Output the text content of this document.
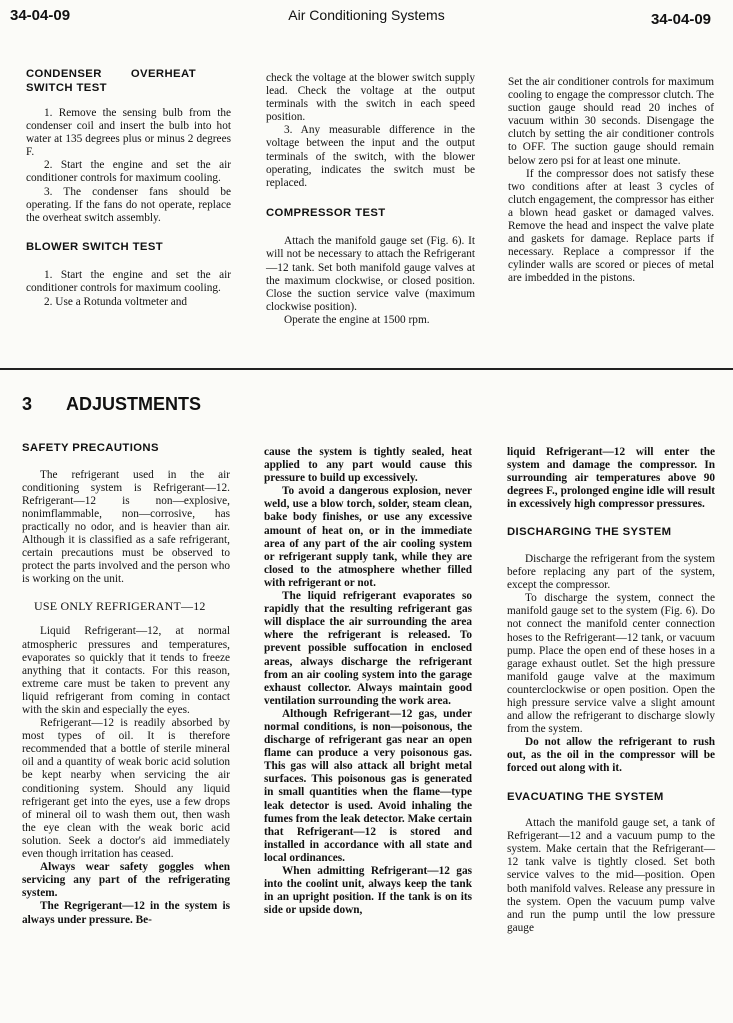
34-04-09	Air Conditioning Systems	34-04-09

CONDENSER OVERHEAT SWITCH TEST

1. Remove the sensing bulb from the condenser coil and insert the bulb into hot water at 135 degrees plus or minus 2 degrees F.

2. Start the engine and set the air conditioner controls for maximum cooling.

3. The condenser fans should be operating. If the fans do not operate, replace the overheat switch assembly.

BLOWER SWITCH TEST

1. Start the engine and set the air conditioner controls for maximum cooling.

2. Use a Rotunda voltmeter and

check the voltage at the blower switch supply lead. Check the voltage at the output terminals with the switch in each speed position.

3. Any measurable difference in the voltage between the input and the output terminals of the switch, with the blower operating, indicates the switch must be replaced.

COMPRESSOR TEST

Attach the manifold gauge set (Fig. 6). It will not be necessary to attach the Refrigerant—12 tank. Set both manifold gauge valves at the maximum clockwise, or closed position. Close the suction service valve (maximum clockwise position).

Operate the engine at 1500 rpm.

Set the air conditioner controls for maximum cooling to engage the compressor clutch. The suction gauge should read 20 inches of vacuum within 30 seconds. Disengage the clutch by setting the air conditioner controls to OFF. The suction gauge should remain below zero psi for at least one minute.

If the compressor does not satisfy these two conditions after at least 3 cycles of clutch engagement, the compressor has either a blown head gasket or damaged valves. Remove the head and inspect the valve plate and gaskets for damage. Replace parts if necessary. Replace a compressor if the cylinder walls are scored or pieces of metal are imbedded in the pistons.

3 ADJUSTMENTS

SAFETY PRECAUTIONS

The refrigerant used in the air conditioning system is Refrigerant—12. Refrigerant—12 is non—explosive, nonimflammable, non—corrosive, has practically no odor, and is heavier than air. Although it is classified as a safe refrigerant, certain precautions must be observed to protect the parts involved and the person who is working on the unit.

USE ONLY REFRIGERANT—12

Liquid Refrigerant—12, at normal atmospheric pressures and temperatures, evaporates so quickly that it tends to freeze anything that it contacts. For this reason, extreme care must be taken to prevent any liquid refrigerant from coming in contact with the skin and especially the eyes.

Refrigerant—12 is readily absorbed by most types of oil. It is therefore recommended that a bottle of sterile mineral oil and a quantity of weak boric acid solution be kept nearby when servicing the air conditioning system. Should any liquid refrigerant get into the eyes, use a few drops of mineral oil to wash them out, then wash the eye clean with the weak boric acid solution. Seek a doctor's aid immediately even though irritation has ceased.

Always wear safety goggles when servicing any part of the refrigerating system.

The Regrigerant—12 in the system is always under pressure. Be-

cause the system is tightly sealed, heat applied to any part would cause this pressure to build up excessively.

To avoid a dangerous explosion, never weld, use a blow torch, solder, steam clean, bake body finishes, or use any excessive amount of heat on, or in the immediate area of any part of the air cooling system or refrigerant supply tank, while they are closed to the atmosphere whether filled with refrigerant or not.

The liquid refrigerant evaporates so rapidly that the resulting refrigerant gas will displace the air surrounding the area where the refrigerant is released. To prevent possible suffocation in enclosed areas, always discharge the refrigerant from an air cooling system into the garage exhaust collector. Always maintain good ventilation surrounding the work area.

Although Refrigerant—12 gas, under normal conditions, is non—poisonous, the discharge of refrigerant gas near an open flame can produce a very poisonous gas. This gas will also attack all bright metal surfaces. This poisonous gas is generated in small quantities when the flame—type leak detector is used. Avoid inhaling the fumes from the leak detector. Make certain that Refrigerant—12 is stored and installed in accordance with all state and local ordinances.

When admitting Refrigerant—12 gas into the coolint unit, always keep the tank in an upright position. If the tank is on its side or upside down,

liquid Refrigerant—12 will enter the system and damage the compressor. In surrounding air temperatures above 90 degrees F., prolonged engine idle will result in excessively high compressor pressures.

DISCHARGING THE SYSTEM

Discharge the refrigerant from the system before replacing any part of the system, except the compressor.

To discharge the system, connect the manifold gauge set to the system (Fig. 6). Do not connect the manifold center connection hoses to the Refrigerant—12 tank, or vacuum pump. Place the open end of these hoses in a garage exhaust outlet. Set the high pressure manifold gauge valve at the maximum counterclockwise or open position. Open the high pressure service valve a slight amount and allow the refrigerant to discharge slowly from the system.

Do not allow the refrigerant to rush out, as the oil in the compressor will be forced out along with it.

EVACUATING THE SYSTEM

Attach the manifold gauge set, a tank of Refrigerant—12 and a vacuum pump to the system. Make certain that the Refrigerant—12 tank valve is tightly closed. Set both service valves to the mid—position. Open both manifold valves. Release any pressure in the system. Open the vacuum pump valve and run the pump until the low pressure gauge
